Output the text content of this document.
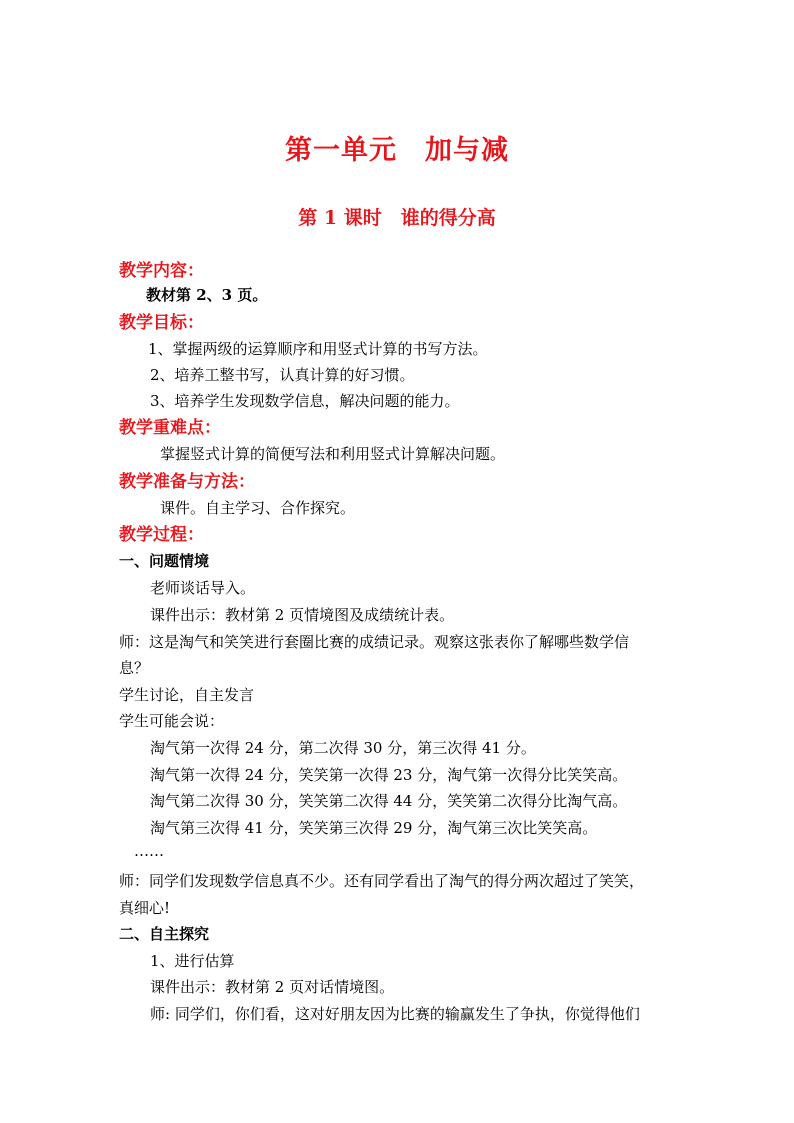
第一单元　加与减
第 1 课时　谁的得分高
教学内容：
教材第 2、3 页。
教学目标：
1、掌握两级的运算顺序和用竖式计算的书写方法。
2、培养工整书写，认真计算的好习惯。
3、培养学生发现数学信息，解决问题的能力。
教学重难点：
掌握竖式计算的简便写法和利用竖式计算解决问题。
教学准备与方法：
课件。自主学习、合作探究。
教学过程：
一、问题情境
老师谈话导入。
课件出示：教材第 2 页情境图及成绩统计表。
师：这是淘气和笑笑进行套圈比赛的成绩记录。观察这张表你了解哪些数学信
息？
学生讨论，自主发言
学生可能会说：
淘气第一次得 24 分，第二次得 30 分，第三次得 41 分。
淘气第一次得 24 分，笑笑第一次得 23 分，淘气第一次得分比笑笑高。
淘气第二次得 30 分，笑笑第二次得 44 分，笑笑第二次得分比淘气高。
淘气第三次得 41 分，笑笑第三次得 29 分，淘气第三次比笑笑高。
……
师：同学们发现数学信息真不少。还有同学看出了淘气的得分两次超过了笑笑，
真细心!
二、自主探究
1、进行估算
课件出示：教材第 2 页对话情境图。
师: 同学们，你们看，这对好朋友因为比赛的输赢发生了争执，你觉得他们
